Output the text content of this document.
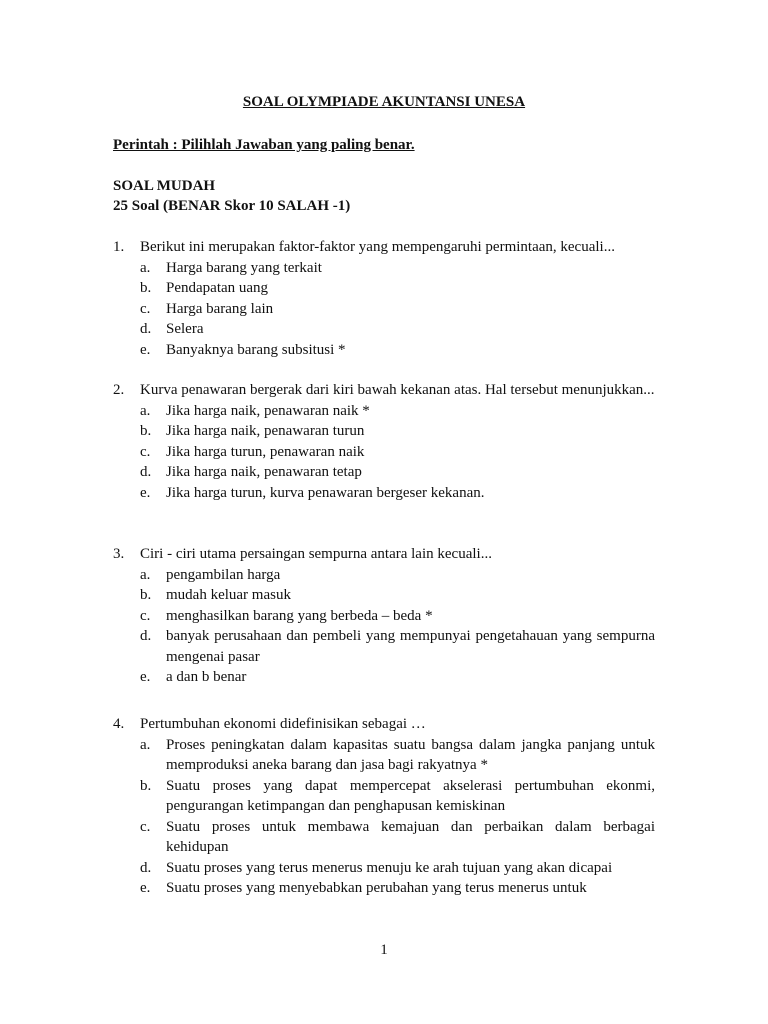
SOAL OLYMPIADE AKUNTANSI UNESA
Perintah : Pilihlah Jawaban yang paling benar.
SOAL MUDAH
25 Soal (BENAR Skor 10 SALAH -1)
1.	Berikut ini merupakan faktor-faktor yang mempengaruhi permintaan, kecuali...
a.	Harga barang yang terkait
b. Pendapatan uang
c.	Harga barang lain
d. Selera
e.	Banyaknya barang subsitusi *
2.	Kurva penawaran bergerak dari kiri bawah kekanan atas. Hal tersebut menunjukkan...
a.	Jika harga naik, penawaran naik *
b. Jika harga naik, penawaran turun
c.	Jika harga turun, penawaran naik
d. Jika harga naik, penawaran tetap
e.	Jika harga turun, kurva penawaran bergeser kekanan.
3.	Ciri - ciri utama persaingan sempurna antara lain kecuali...
a.	pengambilan harga
b. mudah keluar masuk
c.	menghasilkan barang yang berbeda – beda *
d. banyak perusahaan dan pembeli yang mempunyai pengetahauan yang sempurna mengenai pasar
e.	a dan b benar
4.	Pertumbuhan ekonomi didefinisikan sebagai …
a.	Proses peningkatan dalam kapasitas suatu bangsa dalam jangka panjang untuk memproduksi aneka barang dan jasa bagi rakyatnya *
b. Suatu proses yang dapat mempercepat akselerasi pertumbuhan ekonmi, pengurangan ketimpangan dan penghapusan kemiskinan
c.	Suatu proses untuk membawa kemajuan dan perbaikan dalam berbagai kehidupan
d. Suatu proses yang terus menerus menuju ke arah tujuan yang akan dicapai
e.	Suatu proses yang menyebabkan perubahan yang terus menerus untuk
1
